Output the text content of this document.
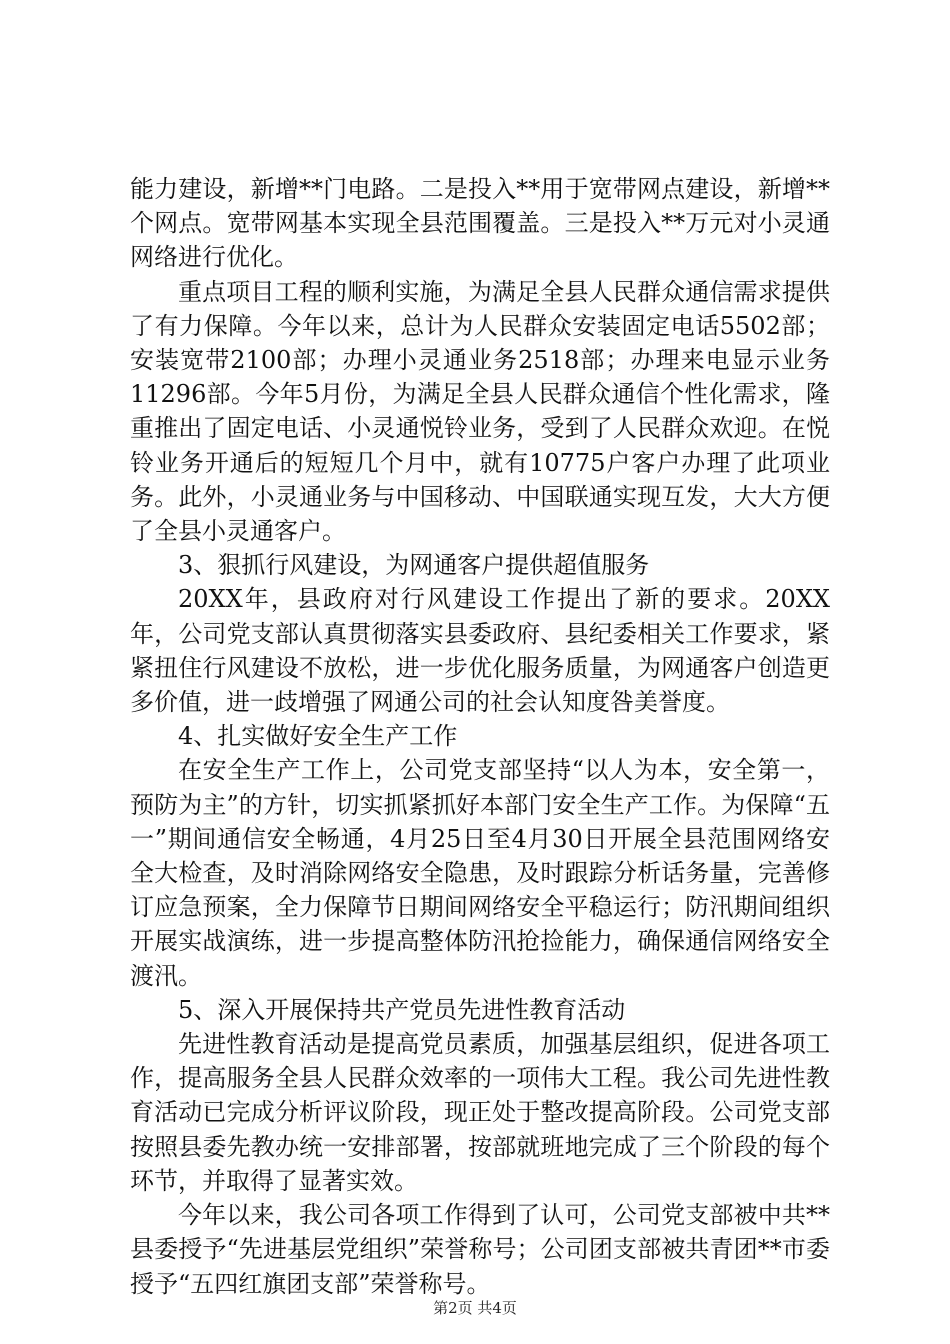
能力建设，新增**门电路。二是投入**用于宽带网点建设，新增**个网点。宽带网基本实现全县范围覆盖。三是投入**万元对小灵通网络进行优化。

重点项目工程的顺利实施，为满足全县人民群众通信需求提供了有力保障。今年以来，总计为人民群众安装固定电话5502部；安装宽带2100部；办理小灵通业务2518部；办理来电显示业务11296部。今年5月份，为满足全县人民群众通信个性化需求，隆重推出了固定电话、小灵通悦铃业务，受到了人民群众欢迎。在悦铃业务开通后的短短几个月中，就有10775户客户办理了此项业务。此外，小灵通业务与中国移动、中国联通实现互发，大大方便了全县小灵通客户。

3、狠抓行风建设，为网通客户提供超值服务

20XX年，县政府对行风建设工作提出了新的要求。20XX年，公司党支部认真贯彻落实县委政府、县纪委相关工作要求，紧紧扭住行风建设不放松，进一步优化服务质量，为网通客户创造更多价值，进一歧增强了网通公司的社会认知度咎美誉度。

4、扎实做好安全生产工作

在安全生产工作上，公司党支部坚持“以人为本，安全第一，预防为主”的方针，切实抓紧抓好本部门安全生产工作。为保障“五一”期间通信安全畅通，4月25日至4月30日开展全县范围网络安全大检查，及时消除网络安全隐患，及时跟踪分析话务量，完善修订应急预案，全力保障节日期间网络安全平稳运行；防汛期间组织开展实战演练，进一步提高整体防汛抢捡能力，确保通信网络安全渡汛。

5、深入开展保持共产党员先进性教育活动

先进性教育活动是提高党员素质，加强基层组织，促进各项工作，提高服务全县人民群众效率的一项伟大工程。我公司先进性教育活动已完成分析评议阶段，现正处于整改提高阶段。公司党支部按照县委先教办统一安排部署，按部就班地完成了三个阶段的每个环节，并取得了显著实效。

今年以来，我公司各项工作得到了认可，公司党支部被中共**县委授予“先进基层党组织”荣誉称号；公司团支部被共青团**市委授予“五四红旗团支部”荣誉称号。

第2页 共4页
